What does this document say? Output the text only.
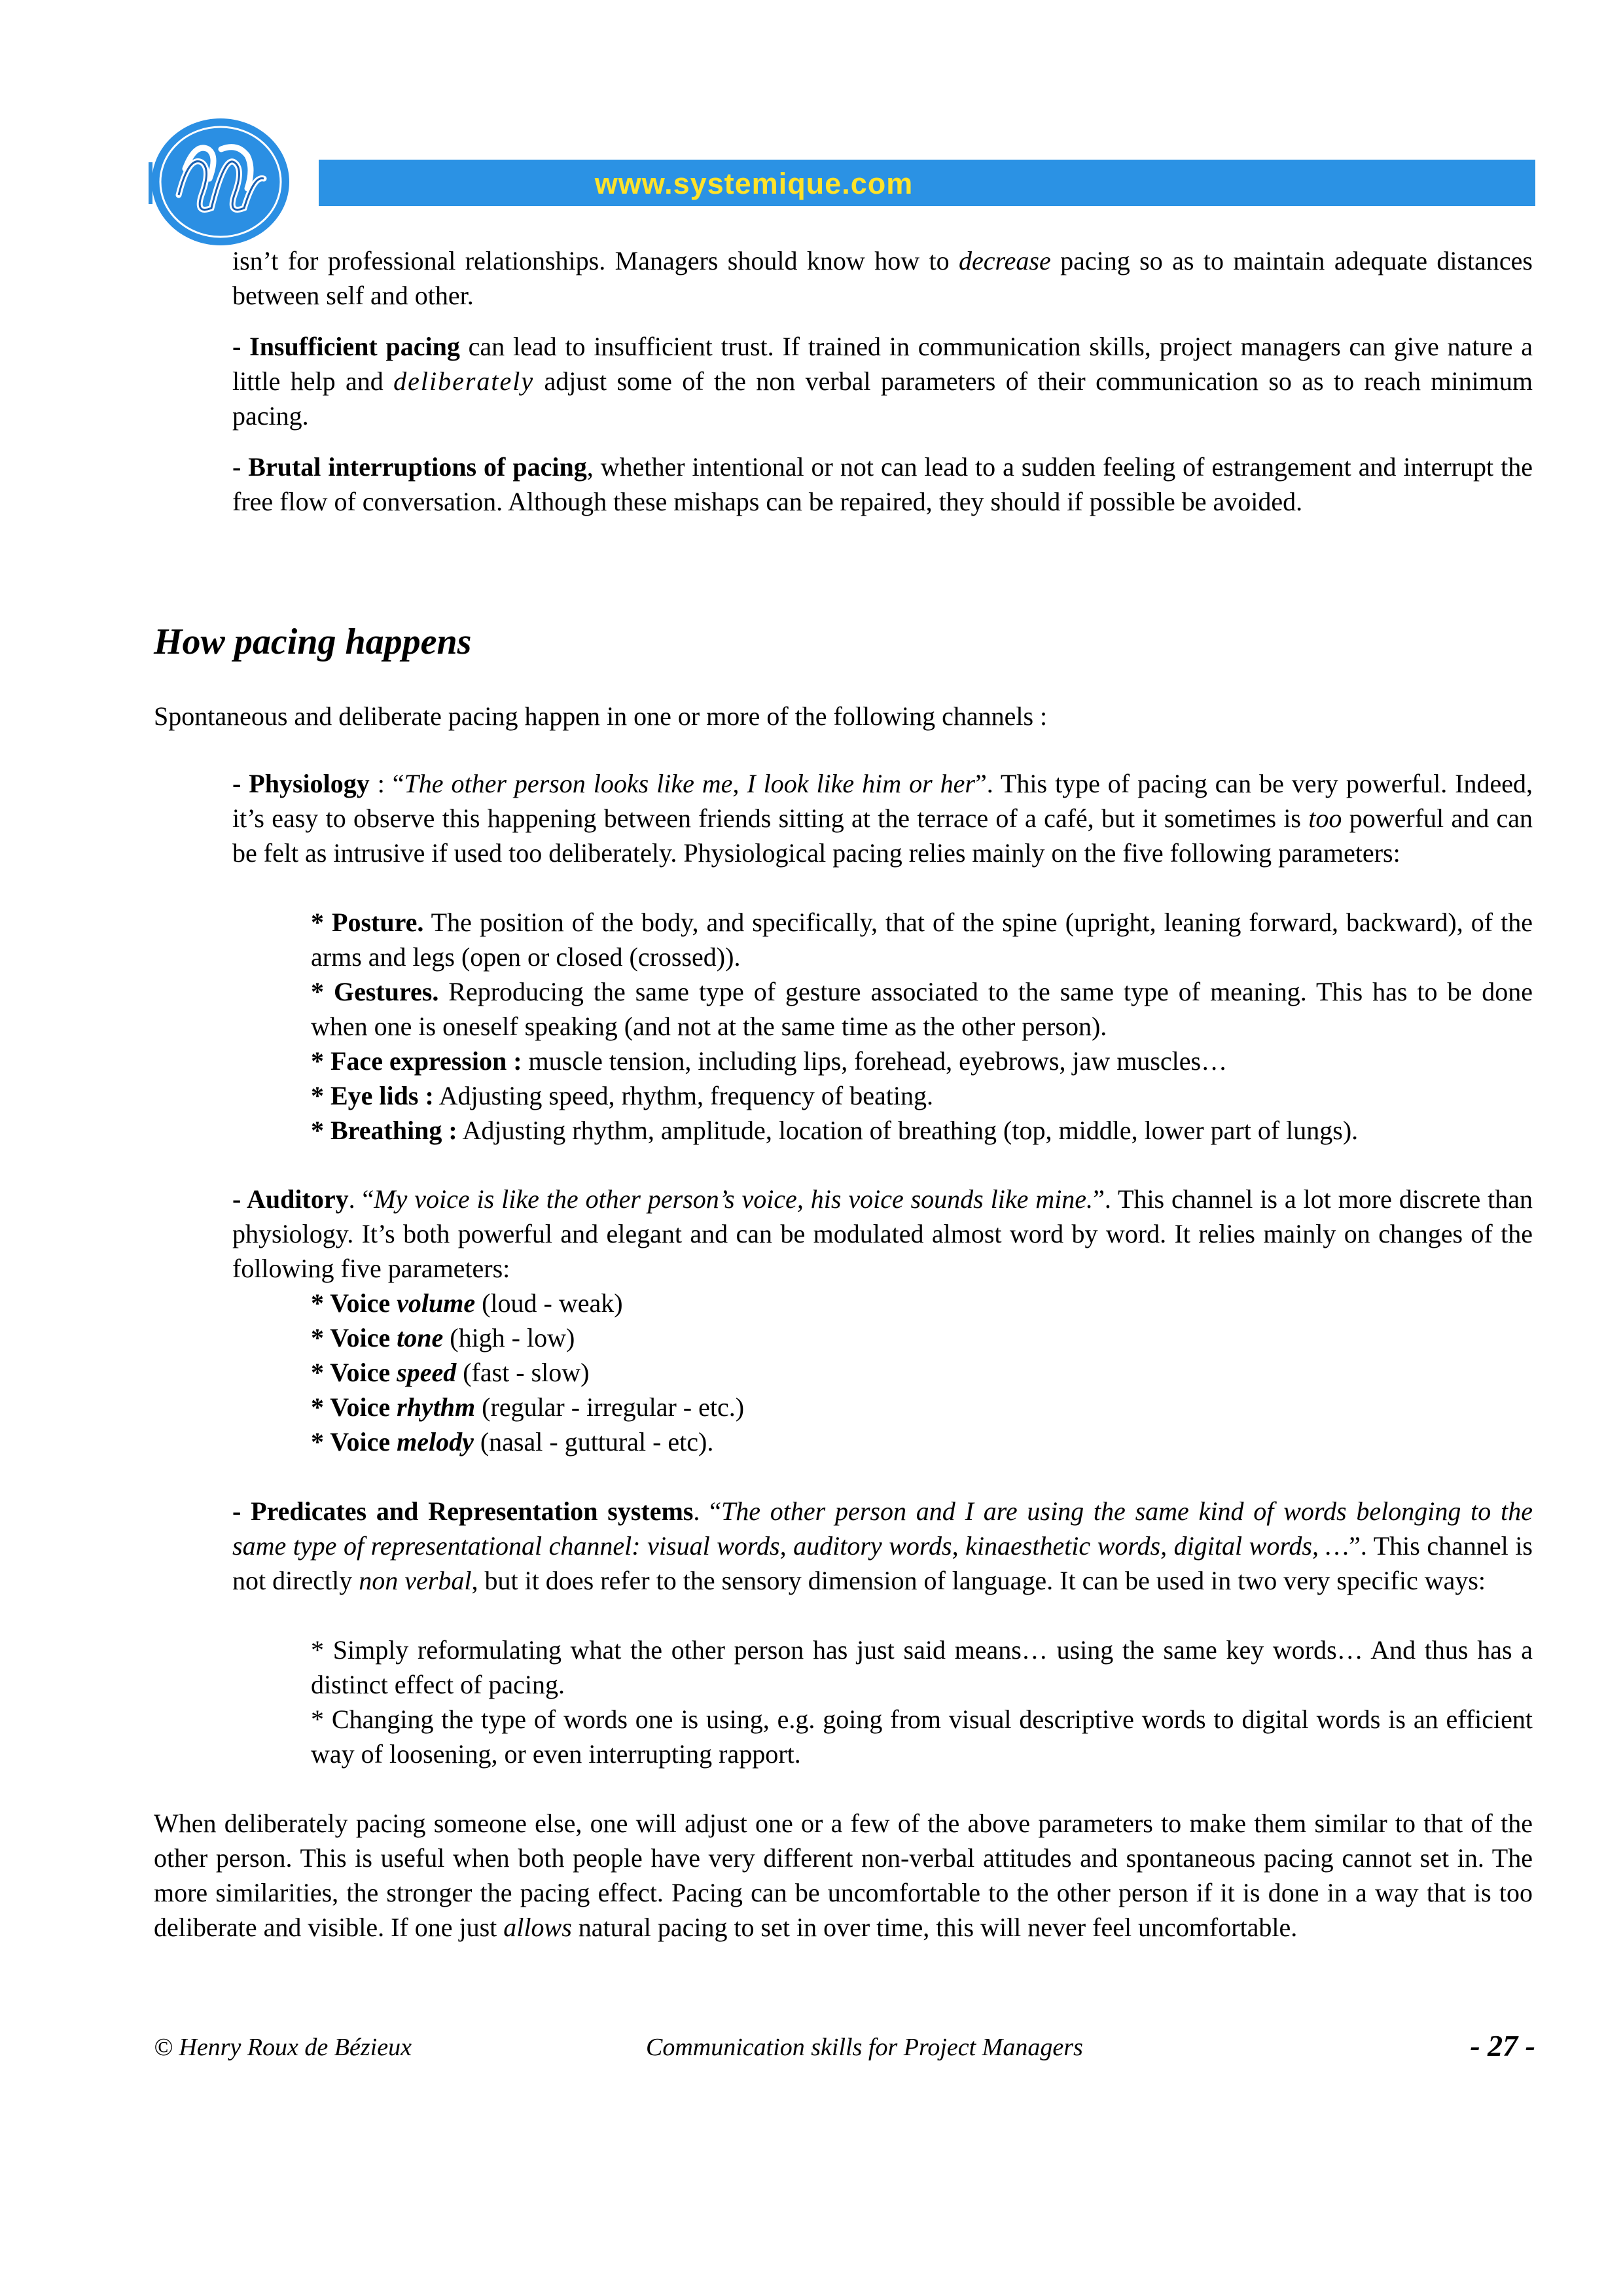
www.systemique.com
isn’t for professional relationships. Managers should know how to decrease pacing so as to maintain adequate distances between self and other.
- Insufficient pacing can lead to insufficient trust. If trained in communication skills, project managers can give nature a little help and deliberately adjust some of the non verbal parameters of their communication so as to reach minimum pacing.
- Brutal interruptions of pacing, whether intentional or not can lead to a sudden feeling of estrangement and interrupt the free flow of conversation. Although these mishaps can be repaired, they should if possible be avoided.
How pacing happens
Spontaneous and deliberate pacing happen in one or more of the following channels :
- Physiology : “The other person looks like me, I look like him or her”. This type of pacing can be very powerful. Indeed, it’s easy to observe this happening between friends sitting at the terrace of a café, but it sometimes is too powerful and can be felt as intrusive if used too deliberately. Physiological pacing relies mainly on the five following parameters:
* Posture. The position of the body, and specifically, that of the spine (upright, leaning forward, backward), of the arms and legs (open or closed (crossed)).
* Gestures. Reproducing the same type of gesture associated to the same type of meaning. This has to be done when one is oneself speaking (and not at the same time as the other person).
* Face expression : muscle tension, including lips, forehead, eyebrows, jaw muscles…
* Eye lids : Adjusting speed, rhythm, frequency of beating.
* Breathing : Adjusting rhythm, amplitude, location of breathing (top, middle, lower part of lungs).
- Auditory. “My voice is like the other person’s voice, his voice sounds like mine.”. This channel is a lot more discrete than physiology. It’s both powerful and elegant and can be modulated almost word by word. It relies mainly on changes of the following five parameters:
* Voice volume (loud - weak)
* Voice tone (high - low)
* Voice speed (fast - slow)
* Voice rhythm (regular - irregular - etc.)
* Voice melody (nasal - guttural - etc).
- Predicates and Representation systems. “The other person and I are using the same kind of words belonging to the same type of representational channel: visual words, auditory words, kinaesthetic words, digital words, …”. This channel is not directly non verbal, but it does refer to the sensory dimension of language. It can be used in two very specific ways:
* Simply reformulating what the other person has just said means… using the same key words… And thus has a distinct effect of pacing.
* Changing the type of words one is using, e.g. going from visual descriptive words to digital words is an efficient way of loosening, or even interrupting rapport.
When deliberately pacing someone else, one will adjust one or a few of the above parameters to make them similar to that of the other person. This is useful when both people have very different non-verbal attitudes and spontaneous pacing cannot set in. The more similarities, the stronger the pacing effect. Pacing can be uncomfortable to the other person if it is done in a way that is too deliberate and visible. If one just allows natural pacing to set in over time, this will never feel uncomfortable.
© Henry Roux de Bézieux	Communication skills for Project Managers	- 27 -
